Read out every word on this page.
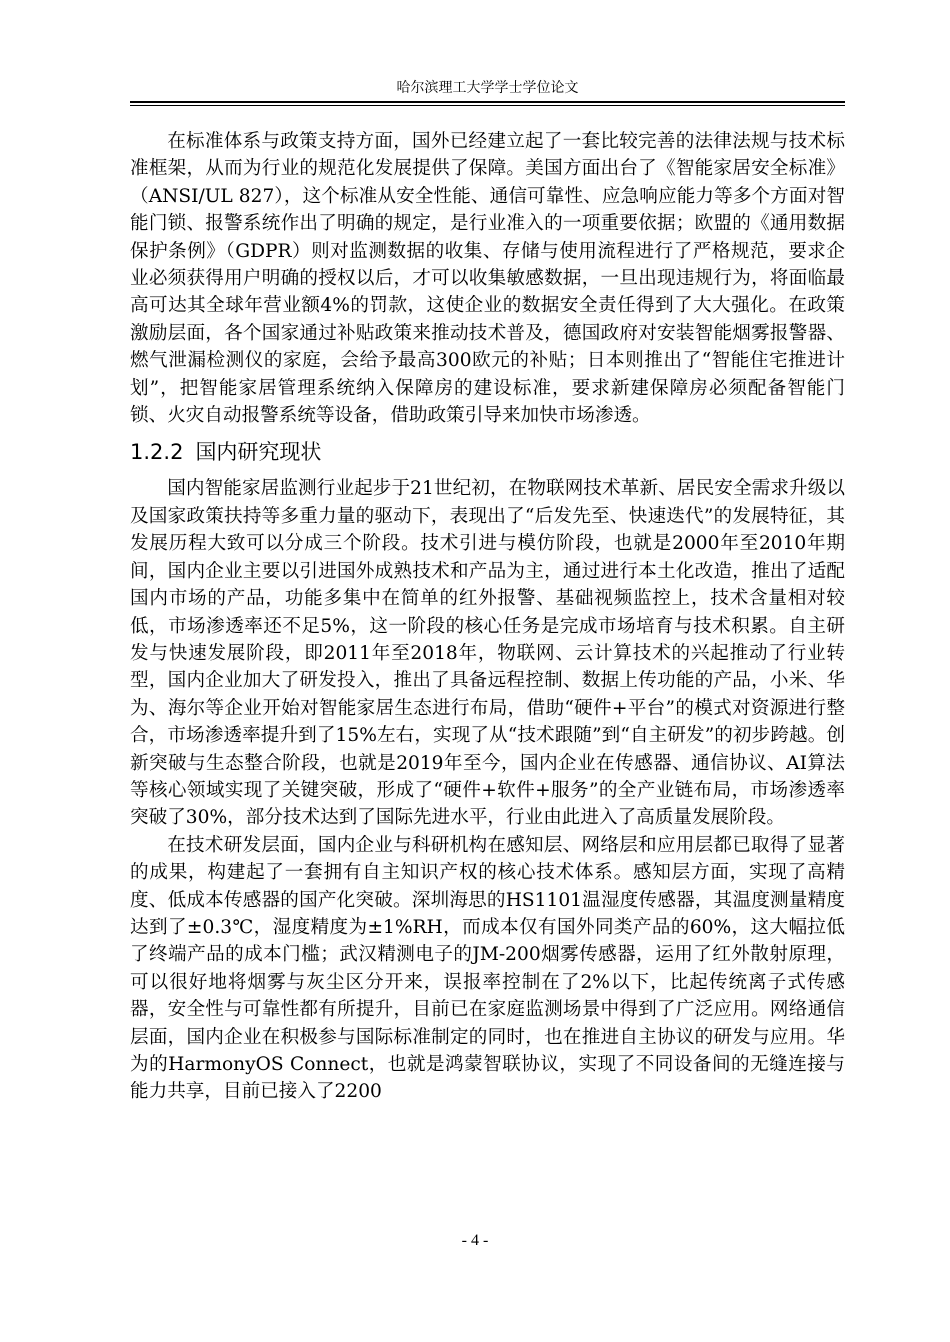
哈尔滨理工大学学士学位论文

在标准体系与政策支持方面，国外已经建立起了一套比较完善的法律法规与技术标准框架，从而为行业的规范化发展提供了保障。美国方面出台了《智能家居安全标准》（ANSI/UL 827），这个标准从安全性能、通信可靠性、应急响应能力等多个方面对智能门锁、报警系统作出了明确的规定，是行业准入的一项重要依据；欧盟的《通用数据保护条例》（GDPR）则对监测数据的收集、存储与使用流程进行了严格规范，要求企业必须获得用户明确的授权以后，才可以收集敏感数据，一旦出现违规行为，将面临最高可达其全球年营业额4%的罚款，这使企业的数据安全责任得到了大大强化。在政策激励层面，各个国家通过补贴政策来推动技术普及，德国政府对安装智能烟雾报警器、燃气泄漏检测仪的家庭，会给予最高300欧元的补贴；日本则推出了“智能住宅推进计划”，把智能家居管理系统纳入保障房的建设标准，要求新建保障房必须配备智能门锁、火灾自动报警系统等设备，借助政策引导来加快市场渗透。

1.2.2 国内研究现状

国内智能家居监测行业起步于21世纪初，在物联网技术革新、居民安全需求升级以及国家政策扶持等多重力量的驱动下，表现出了“后发先至、快速迭代”的发展特征，其发展历程大致可以分成三个阶段。技术引进与模仿阶段，也就是2000年至2010年期间，国内企业主要以引进国外成熟技术和产品为主，通过进行本土化改造，推出了适配国内市场的产品，功能多集中在简单的红外报警、基础视频监控上，技术含量相对较低，市场渗透率还不足5%，这一阶段的核心任务是完成市场培育与技术积累。自主研发与快速发展阶段，即2011年至2018年，物联网、云计算技术的兴起推动了行业转型，国内企业加大了研发投入，推出了具备远程控制、数据上传功能的产品，小米、华为、海尔等企业开始对智能家居生态进行布局，借助“硬件+平台”的模式对资源进行整合，市场渗透率提升到了15%左右，实现了从“技术跟随”到“自主研发”的初步跨越。创新突破与生态整合阶段，也就是2019年至今，国内企业在传感器、通信协议、AI算法等核心领域实现了关键突破，形成了“硬件+软件+服务”的全产业链布局，市场渗透率突破了30%，部分技术达到了国际先进水平，行业由此进入了高质量发展阶段。

在技术研发层面，国内企业与科研机构在感知层、网络层和应用层都已取得了显著的成果，构建起了一套拥有自主知识产权的核心技术体系。感知层方面，实现了高精度、低成本传感器的国产化突破。深圳海思的HS1101温湿度传感器，其温度测量精度达到了±0.3℃，湿度精度为±1%RH，而成本仅有国外同类产品的60%，这大幅拉低了终端产品的成本门槛；武汉精测电子的JM-200烟雾传感器，运用了红外散射原理，可以很好地将烟雾与灰尘区分开来，误报率控制在了2%以下，比起传统离子式传感器，安全性与可靠性都有所提升，目前已在家庭监测场景中得到了广泛应用。网络通信层面，国内企业在积极参与国际标准制定的同时，也在推进自主协议的研发与应用。华为的HarmonyOS Connect，也就是鸿蒙智联协议，实现了不同设备间的无缝连接与能力共享，目前已接入了2200

- 4 -
